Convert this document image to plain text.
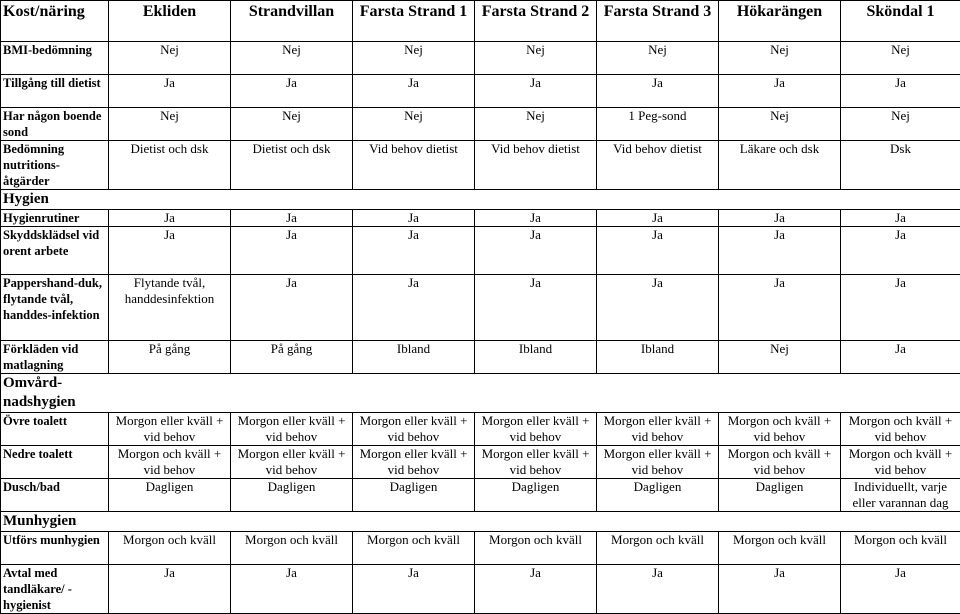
Kost/näring	Ekliden	Strandvillan	Farsta Strand 1	Farsta Strand 2	Farsta Strand 3	Hökarängen	Sköndal 1
BMI-bedömning	Nej	Nej	Nej	Nej	Nej	Nej	Nej
Tillgång till dietist	Ja	Ja	Ja	Ja	Ja	Ja	Ja
Har någon boende sond	Nej	Nej	Nej	Nej	1 Peg-sond	Nej	Nej
Bedömning nutritions-åtgärder	Dietist och dsk	Dietist och dsk	Vid behov dietist	Vid behov dietist	Vid behov dietist	Läkare och dsk	Dsk
Hygien							
Hygienrutiner	Ja	Ja	Ja	Ja	Ja	Ja	Ja
Skyddsklädsel vid orent arbete	Ja	Ja	Ja	Ja	Ja	Ja	Ja
Pappershand-duk, flytande tvål, handdes-infektion	Flytande tvål, handdesinfektion	Ja	Ja	Ja	Ja	Ja	Ja
Förkläden vid matlagning	På gång	På gång	Ibland	Ibland	Ibland	Nej	Ja

Omvård-nadshygien							

Övre toalett	Morgon eller kväll + vid behov	Morgon eller kväll + vid behov	Morgon eller kväll + vid behov	Morgon eller kväll + vid behov	Morgon eller kväll + vid behov	Morgon och kväll + vid behov	Morgon och kväll + vid behov
Nedre toalett	Morgon och kväll + vid behov	Morgon eller kväll + vid behov	Morgon eller kväll + vid behov	Morgon eller kväll + vid behov	Morgon eller kväll + vid behov	Morgon och kväll + vid behov	Morgon och kväll + vid behov
Dusch/bad	Dagligen	Dagligen	Dagligen	Dagligen	Dagligen	Dagligen	Individuellt, varje eller varannan dag
Munhygien							
Utförs munhygien	Morgon och kväll	Morgon och kväll	Morgon och kväll	Morgon och kväll	Morgon och kväll	Morgon och kväll	Morgon och kväll
Avtal med tandläkare/ -hygienist	Ja	Ja	Ja	Ja	Ja	Ja	Ja
